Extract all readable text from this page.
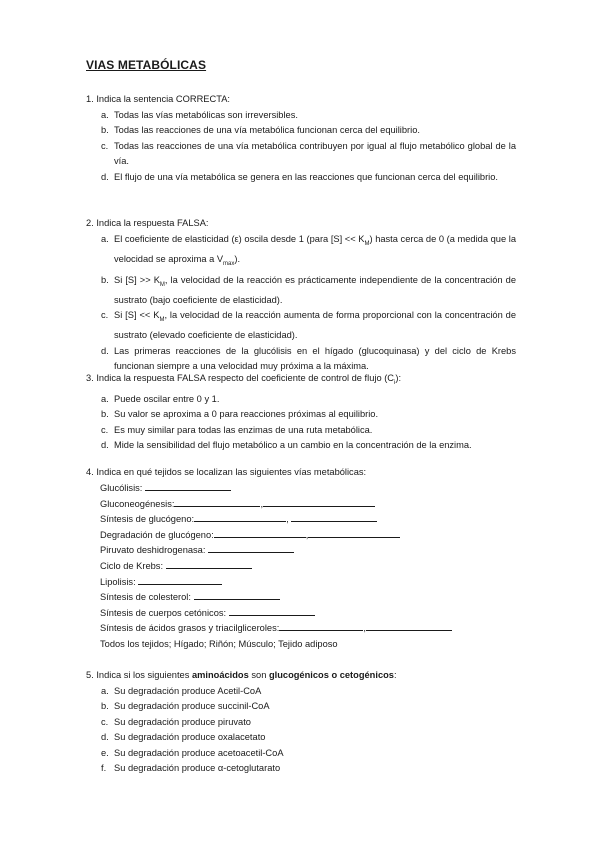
VIAS METABÓLICAS
1. Indica la sentencia CORRECTA:
a. Todas las vías metabólicas son irreversibles.
b. Todas las reacciones de una vía metabólica funcionan cerca del equilibrio.
c. Todas las reacciones de una vía metabólica contribuyen por igual al flujo metabólico global de la vía.
d. El flujo de una vía metabólica se genera en las reacciones que funcionan cerca del equilibrio.
2. Indica la respuesta FALSA:
a. El coeficiente de elasticidad (ε) oscila desde 1 (para $[S] << K_M$) hasta cerca de 0 (a medida que la velocidad se aproxima a $V_{max}$).
b. Si $[S] >> K_M$, la velocidad de la reacción es prácticamente independiente de la concentración de sustrato (bajo coeficiente de elasticidad).
c. Si $[S] << K_M$, la velocidad de la reacción aumenta de forma proporcional con la concentración de sustrato (elevado coeficiente de elasticidad).
d. Las primeras reacciones de la glucólisis en el hígado (glucoquinasa) y del ciclo de Krebs funcionan siempre a una velocidad muy próxima a la máxima.
3. Indica la respuesta FALSA respecto del coeficiente de control de flujo $(C_i)$:
a. Puede oscilar entre 0 y 1.
b. Su valor se aproxima a 0 para reacciones próximas al equilibrio.
c. Es muy similar para todas las enzimas de una ruta metabólica.
d. Mide la sensibilidad del flujo metabólico a un cambio en la concentración de la enzima.
4. Indica en qué tejidos se localizan las siguientes vías metabólicas:
Glucólisis:
Gluconeogénesis:	,
Síntesis de glucógeno:	,
Degradación de glucógeno:	,
Piruvato deshidrogenasa:
Ciclo de Krebs:
Lipolisis:
Síntesis de colesterol:
Síntesis de cuerpos cetónicos:
Síntesis de ácidos grasos y triacilgliceroles:	,
Todos los tejidos; Hígado; Riñón; Músculo; Tejido adiposo
5. Indica si los siguientes aminoácidos son glucogénicos o cetogénicos:
a. Su degradación produce Acetil-CoA
b. Su degradación produce succinil-CoA
c. Su degradación produce piruvato
d. Su degradación produce oxalacetato
e. Su degradación produce acetoacetil-CoA
f. Su degradación produce α-cetoglutarato
